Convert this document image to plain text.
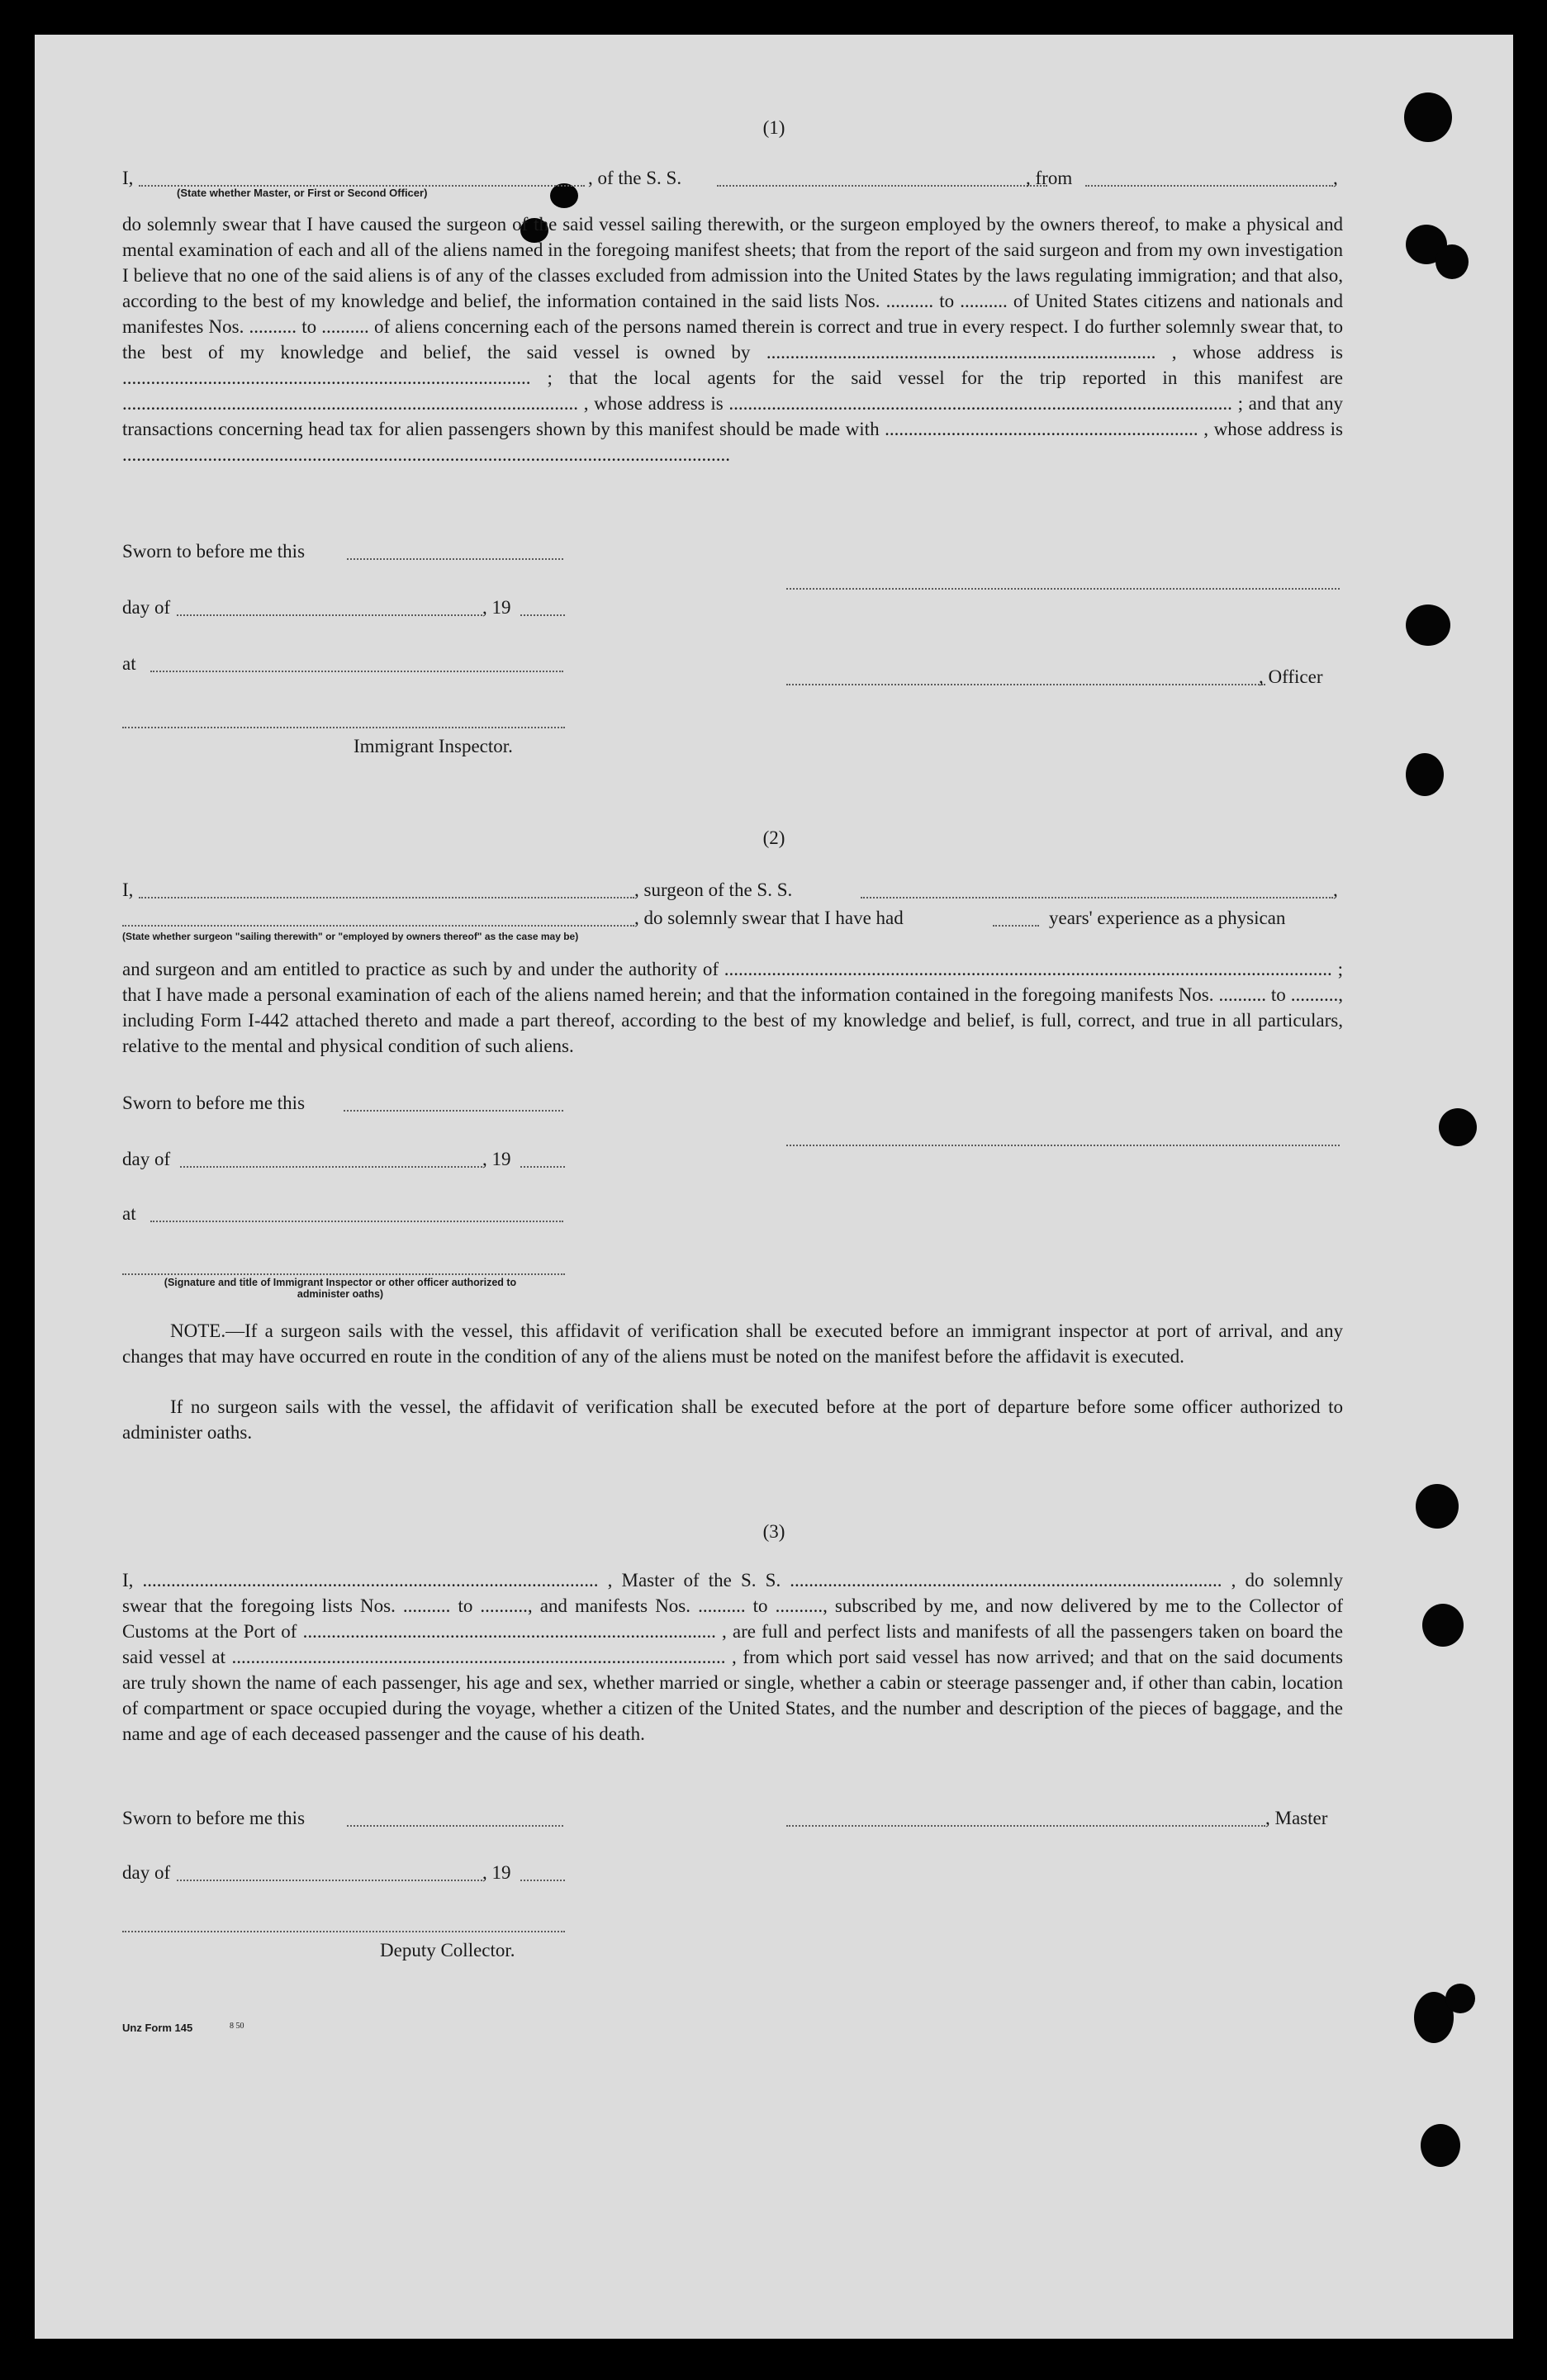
(1)
I,	, of the S. S.	, from	,
(State whether Master, or First or Second Officer)
do solemnly swear that I have caused the surgeon of the said vessel sailing therewith, or the surgeon employed by the owners thereof, to make a physical and mental examination of each and all of the aliens named in the foregoing manifest sheets; that from the report of the said surgeon and from my own investigation I believe that no one of the said aliens is of any of the classes excluded from admission into the United States by the laws regulating immigration; and that also, according to the best of my knowledge and belief, the information contained in the said lists Nos. .......... to .......... of United States citizens and nationals and manifestes Nos. .......... to .......... of aliens concerning each of the persons named therein is correct and true in every respect. I do further solemnly swear that, to the best of my knowledge and belief, the said vessel is owned by .................................................................................. , whose address is ...................................................................................... ; that the local agents for the said vessel for the trip reported in this manifest are ................................................................................................ , whose address is .......................................................................................................... ; and that any transactions concerning head tax for alien passengers shown by this manifest should be made with .................................................................. , whose address is ................................................................................................................................
Sworn to before me this
day of	, 19
at
, Officer
Immigrant Inspector.
(2)
I,	, surgeon of the S. S.	,
, do solemnly swear that I have had	years' experience as a physican
(State whether surgeon "sailing therewith" or "employed by owners thereof" as the case may be)
and surgeon and am entitled to practice as such by and under the authority of ................................................................................................................................ ; that I have made a personal examination of each of the aliens named herein; and that the information contained in the foregoing manifests Nos. .......... to .........., including Form I-442 attached thereto and made a part thereof, according to the best of my knowledge and belief, is full, correct, and true in all particulars, relative to the mental and physical condition of such aliens.
Sworn to before me this
day of	, 19
at
(Signature and title of Immigrant Inspector or other officer authorized to administer oaths)
NOTE.—If a surgeon sails with the vessel, this affidavit of verification shall be executed before an immigrant inspector at port of arrival, and any changes that may have occurred en route in the condition of any of the aliens must be noted on the manifest before the affidavit is executed.
If no surgeon sails with the vessel, the affidavit of verification shall be executed before at the port of departure before some officer authorized to administer oaths.
(3)
I, ................................................................................................ , Master of the S. S. ........................................................................................... , do solemnly swear that the foregoing lists Nos. .......... to .........., and manifests Nos. .......... to .........., subscribed by me, and now delivered by me to the Collector of Customs at the Port of ....................................................................................... , are full and perfect lists and manifests of all the passengers taken on board the said vessel at ........................................................................................................ , from which port said vessel has now arrived; and that on the said documents are truly shown the name of each passenger, his age and sex, whether married or single, whether a cabin or steerage passenger and, if other than cabin, location of compartment or space occupied during the voyage, whether a citizen of the United States, and the number and description of the pieces of baggage, and the name and age of each deceased passenger and the cause of his death.
Sworn to before me this	, Master
day of	, 19
Deputy Collector.
Unz Form 145	8 50
